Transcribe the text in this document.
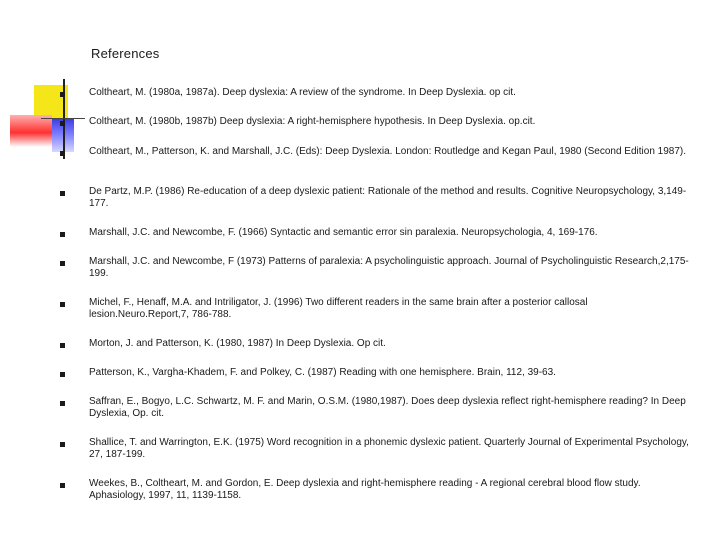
References
Coltheart, M. (1980a, 1987a). Deep dyslexia: A review of the syndrome. In Deep Dyslexia. op cit.
Coltheart, M. (1980b, 1987b) Deep dyslexia: A right-hemisphere hypothesis. In Deep Dyslexia. op.cit.
Coltheart, M., Patterson, K. and Marshall, J.C. (Eds): Deep Dyslexia. London: Routledge and Kegan Paul, 1980 (Second Edition 1987).
De Partz, M.P. (1986) Re-education of a deep dyslexic patient: Rationale of the method and results. Cognitive Neuropsychology, 3,149-177.
Marshall, J.C. and Newcombe, F. (1966) Syntactic and semantic error sin paralexia. Neuropsychologia, 4, 169-176.
Marshall, J.C. and Newcombe, F (1973) Patterns of paralexia: A psycholinguistic approach. Journal of Psycholinguistic Research,2,175-199.
Michel, F., Henaff, M.A. and Intriligator, J. (1996) Two different readers in the same brain after a posterior callosal lesion.Neuro.Report,7, 786-788.
Morton, J. and Patterson, K. (1980, 1987) In Deep Dyslexia. Op cit.
Patterson, K., Vargha-Khadem, F. and Polkey, C. (1987) Reading with one hemisphere. Brain, 112, 39-63.
Saffran, E., Bogyo, L.C. Schwartz, M. F. and Marin, O.S.M. (1980,1987). Does deep dyslexia reflect right-hemisphere reading? In Deep Dyslexia, Op. cit.
Shallice, T. and Warrington, E.K. (1975) Word recognition in a phonemic dyslexic patient. Quarterly Journal of Experimental Psychology, 27, 187-199.
Weekes, B., Coltheart, M. and Gordon, E. Deep dyslexia and right-hemisphere reading - A regional cerebral blood flow study. Aphasiology, 1997, 11, 1139-1158.
